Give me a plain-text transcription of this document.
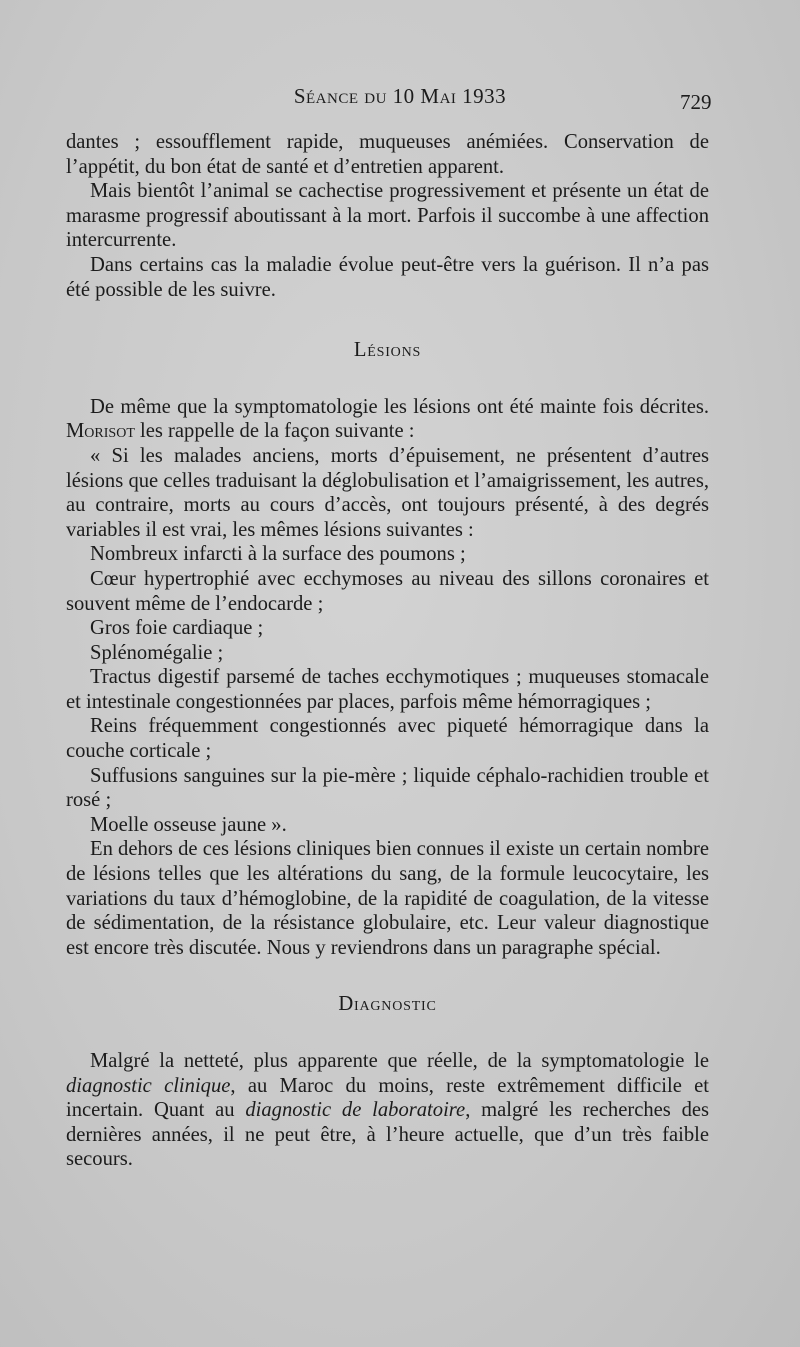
Séance du 10 Mai 1933	729

dantes ; essoufflement rapide, muqueuses anémiées. Conservation de l’appétit, du bon état de santé et d’entretien apparent.

Mais bientôt l’animal se cachectise progressivement et présente un état de marasme progressif aboutissant à la mort. Parfois il succombe à une affection intercurrente.

Dans certains cas la maladie évolue peut-être vers la guérison. Il n’a pas été possible de les suivre.

Lésions

De même que la symptomatologie les lésions ont été mainte fois décrites. Morisot les rappelle de la façon suivante :

« Si les malades anciens, morts d’épuisement, ne présentent d’autres lésions que celles traduisant la déglobulisation et l’amaigrissement, les autres, au contraire, morts au cours d’accès, ont toujours présenté, à des degrés variables il est vrai, les mêmes lésions suivantes :

Nombreux infarcti à la surface des poumons ;

Cœur hypertrophié avec ecchymoses au niveau des sillons coronaires et souvent même de l’endocarde ;

Gros foie cardiaque ;

Splénomégalie ;

Tractus digestif parsemé de taches ecchymotiques ; muqueuses stomacale et intestinale congestionnées par places, parfois même hémorragiques ;

Reins fréquemment congestionnés avec piqueté hémorragique dans la couche corticale ;

Suffusions sanguines sur la pie-mère ; liquide céphalo-rachidien trouble et rosé ;

Moelle osseuse jaune ».

En dehors de ces lésions cliniques bien connues il existe un certain nombre de lésions telles que les altérations du sang, de la formule leucocytaire, les variations du taux d’hémoglobine, de la rapidité de coagulation, de la vitesse de sédimentation, de la résistance globulaire, etc. Leur valeur diagnostique est encore très discutée. Nous y reviendrons dans un paragraphe spécial.

Diagnostic

Malgré la netteté, plus apparente que réelle, de la symptomatologie le diagnostic clinique, au Maroc du moins, reste extrêmement difficile et incertain. Quant au diagnostic de laboratoire, malgré les recherches des dernières années, il ne peut être, à l’heure actuelle, que d’un très faible secours.
